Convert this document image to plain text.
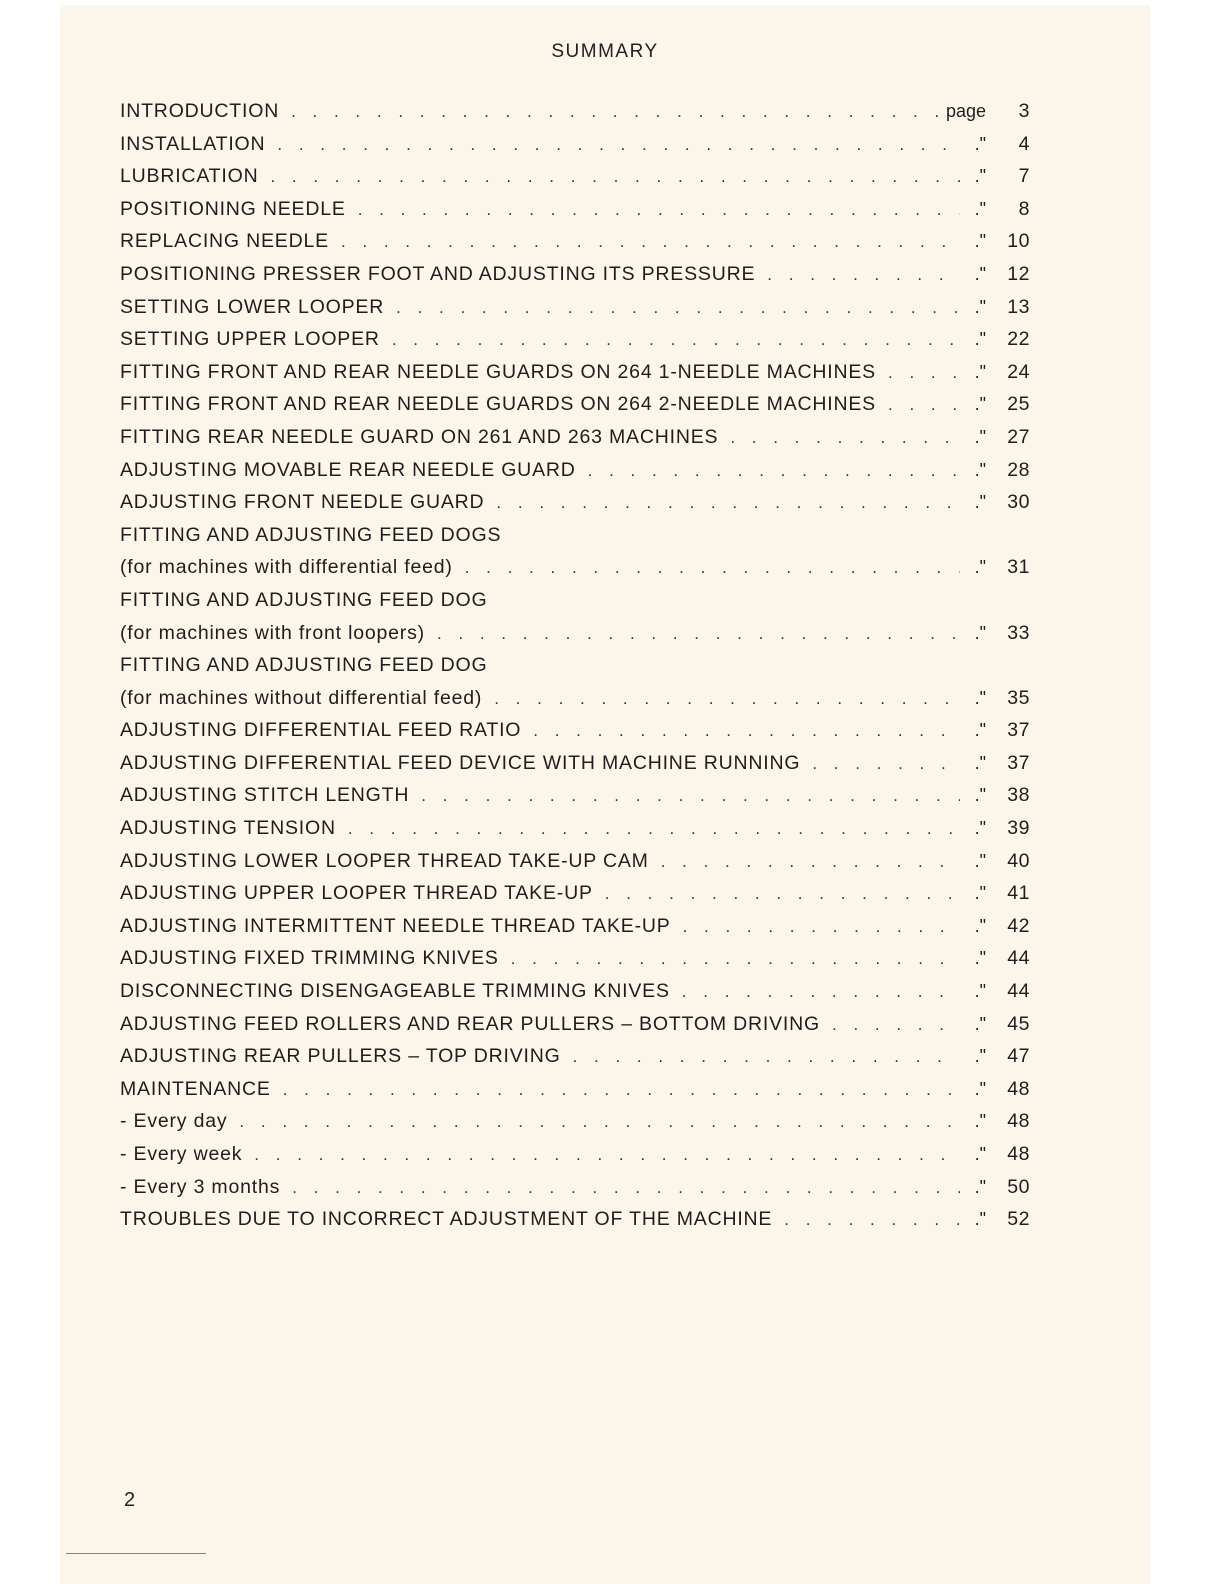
SUMMARY
INTRODUCTION . . .	page	3
INSTALLATION . . .	."	4
LUBRICATION . . .	."	7
POSITIONING NEEDLE . . .	."	8
REPLACING NEEDLE . . .	."	10
POSITIONING PRESSER FOOT AND ADJUSTING ITS PRESSURE . . .	."	12
SETTING LOWER LOOPER . . .	."	13
SETTING UPPER LOOPER . . .	."	22
FITTING FRONT AND REAR NEEDLE GUARDS ON 264 1-NEEDLE MACHINES . . .	."	24
FITTING FRONT AND REAR NEEDLE GUARDS ON 264 2-NEEDLE MACHINES . . .	."	25
FITTING REAR NEEDLE GUARD ON 261 AND 263 MACHINES . . .	."	27
ADJUSTING MOVABLE REAR NEEDLE GUARD . . .	."	28
ADJUSTING FRONT NEEDLE GUARD . . .	."	30
FITTING AND ADJUSTING FEED DOGS
(for machines with differential feed) . . .	."	31
FITTING AND ADJUSTING FEED DOG
(for machines with front loopers) . . .	."	33
FITTING AND ADJUSTING FEED DOG
(for machines without differential feed) . . .	."	35
ADJUSTING DIFFERENTIAL FEED RATIO . . .	."	37
ADJUSTING DIFFERENTIAL FEED DEVICE WITH MACHINE RUNNING . . .	."	37
ADJUSTING STITCH LENGTH . . .	."	38
ADJUSTING TENSION . . .	."	39
ADJUSTING LOWER LOOPER THREAD TAKE-UP CAM . . .	."	40
ADJUSTING UPPER LOOPER THREAD TAKE-UP . . .	."	41
ADJUSTING INTERMITTENT NEEDLE THREAD TAKE-UP . . .	."	42
ADJUSTING FIXED TRIMMING KNIVES . . .	."	44
DISCONNECTING DISENGAGEABLE TRIMMING KNIVES . . .	."	44
ADJUSTING FEED ROLLERS AND REAR PULLERS – BOTTOM DRIVING . . .	."	45
ADJUSTING REAR PULLERS – TOP DRIVING . . .	."	47
MAINTENANCE . . .	."	48
- Every day . . .	."	48
- Every week . . .	."	48
- Every 3 months . . .	."	50
TROUBLES DUE TO INCORRECT ADJUSTMENT OF THE MACHINE . . .	."	52
2
